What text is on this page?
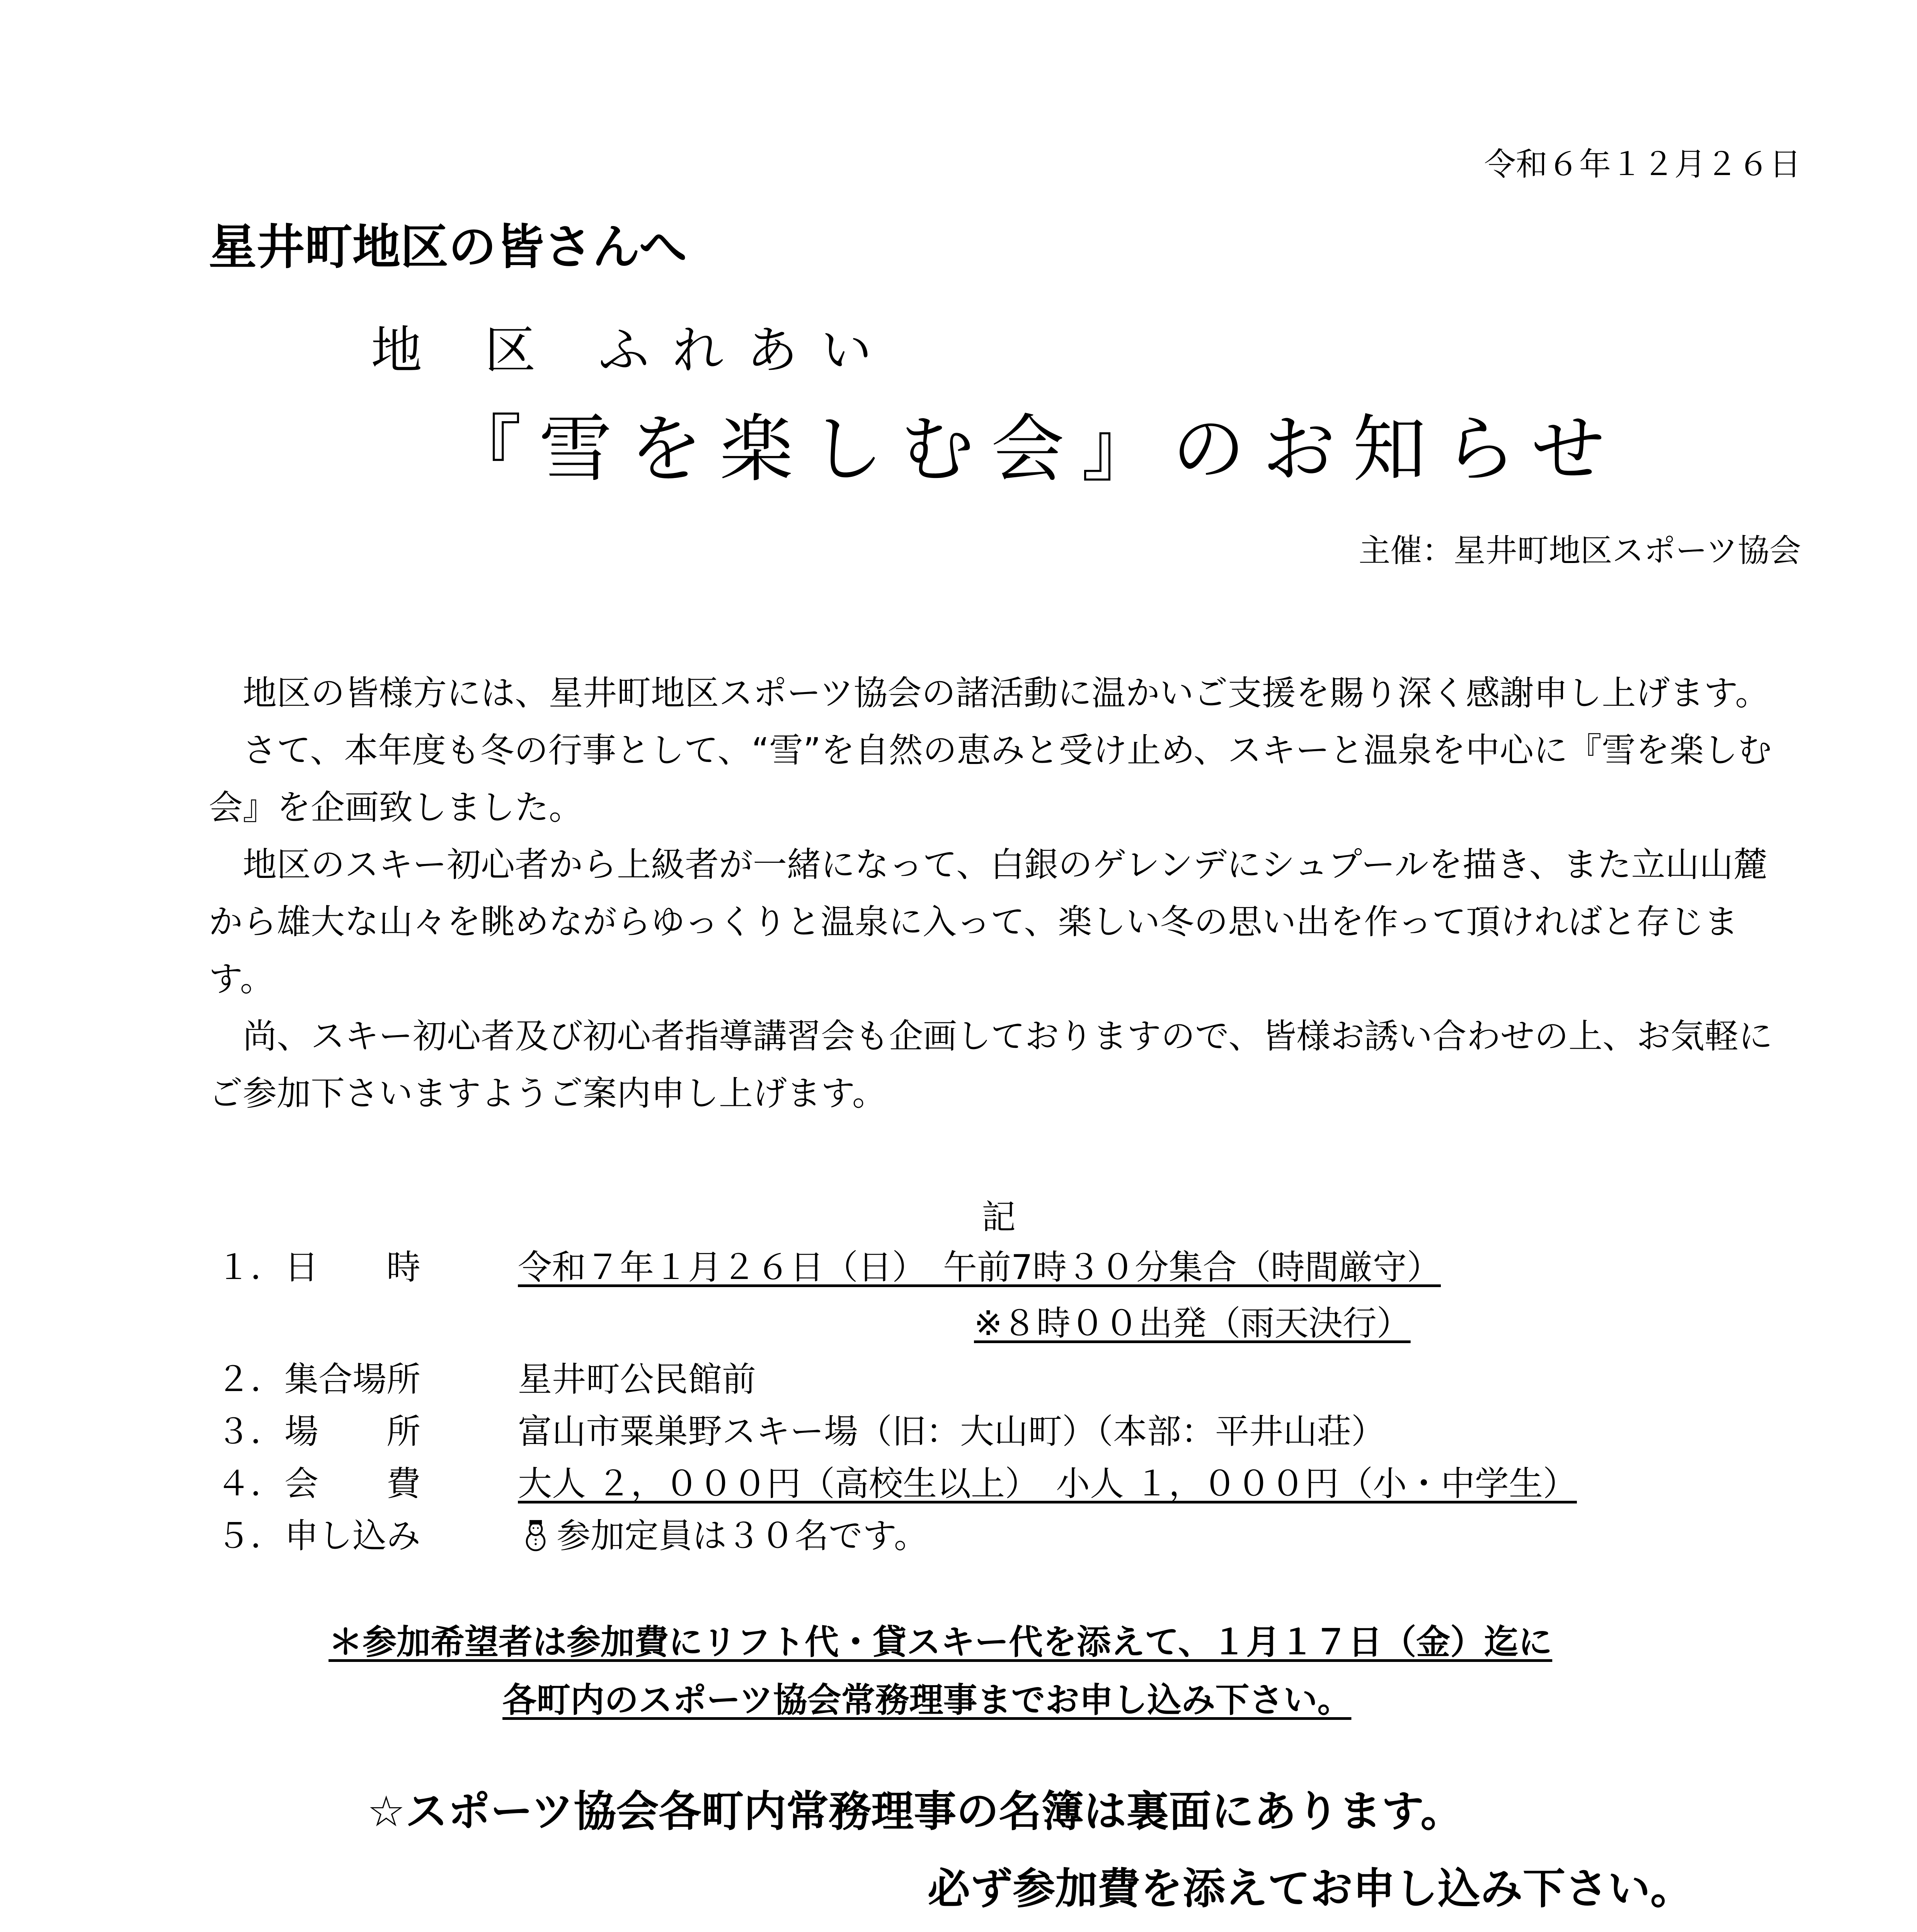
令和６年１２月２６日
星井町地区の皆さんへ
地 区 ふれあい
『雪を楽しむ会』のお知らせ
主催：星井町地区スポーツ協会

地区の皆様方には、星井町地区スポーツ協会の諸活動に温かいご支援を賜り深く感謝申し上げます。

さて、本年度も冬の行事として、“雪”を自然の恵みと受け止め、スキーと温泉を中心に『雪を楽しむ会』を企画致しました。

地区のスキー初心者から上級者が一緒になって、白銀のゲレンデにシュプールを描き、また立山山麓から雄大な山々を眺めながらゆっくりと温泉に入って、楽しい冬の思い出を作って頂ければと存じます。

尚、スキー初心者及び初心者指導講習会も企画しておりますので、皆様お誘い合わせの上、お気軽にご参加下さいますようご案内申し上げます。

記
１．日　　時	令和７年１月２６日（日）　午前7時３０分集合（時間厳守）
※８時００出発（雨天決行）
２．集合場所	星井町公民館前
３．場　　所	富山市粟巣野スキー場（旧：大山町）（本部：平井山荘）
４．会　　費	大人 ２，０００円（高校生以上）　小人 １，０００円（小・中学生）
５．申し込み	参加定員は３０名です。
＊参加希望者は参加費にリフト代・貸スキー代を添えて、１月１７日（金）迄に
各町内のスポーツ協会常務理事までお申し込み下さい。
☆スポーツ協会各町内常務理事の名簿は裏面にあります。
必ず参加費を添えてお申し込み下さい。
